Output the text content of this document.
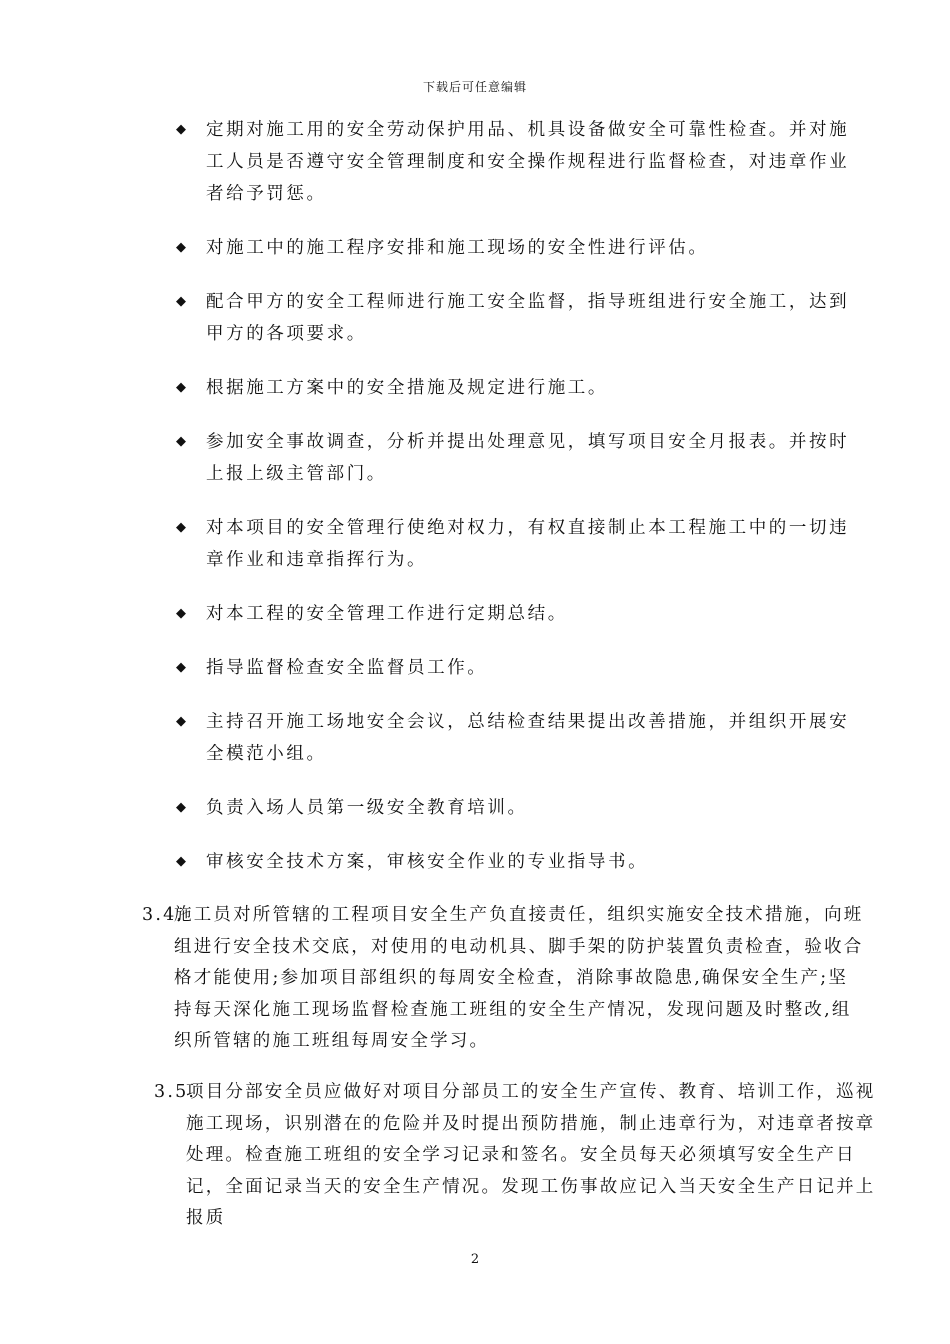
下载后可任意编辑
◆ 定期对施工用的安全劳动保护用品、机具设备做安全可靠性检查。并对施工人员是否遵守安全管理制度和安全操作规程进行监督检查，对违章作业者给予罚惩。
◆ 对施工中的施工程序安排和施工现场的安全性进行评估。
◆ 配合甲方的安全工程师进行施工安全监督，指导班组进行安全施工，达到甲方的各项要求。
◆ 根据施工方案中的安全措施及规定进行施工。
◆ 参加安全事故调查，分析并提出处理意见，填写项目安全月报表。并按时上报上级主管部门。
◆ 对本项目的安全管理行使绝对权力，有权直接制止本工程施工中的一切违章作业和违章指挥行为。
◆ 对本工程的安全管理工作进行定期总结。
◆ 指导监督检查安全监督员工作。
◆ 主持召开施工场地安全会议，总结检查结果提出改善措施，并组织开展安全模范小组。
◆ 负责入场人员第一级安全教育培训。
◆ 审核安全技术方案，审核安全作业的专业指导书。
3.4.
施工员对所管辖的工程项目安全生产负直接责任，组织实施安全技术措施，向班组进行安全技术交底，对使用的电动机具、脚手架的防护装置负责检查，验收合格才能使用;参加项目部组织的每周安全检查，消除事故隐患,确保安全生产;坚持每天深化施工现场监督检查施工班组的安全生产情况，发现问题及时整改,组织所管辖的施工班组每周安全学习。
3.5.
项目分部安全员应做好对项目分部员工的安全生产宣传、教育、培训工作，巡视施工现场，识别潜在的危险并及时提出预防措施，制止违章行为，对违章者按章处理。检查施工班组的安全学习记录和签名。安全员每天必须填写安全生产日记，全面记录当天的安全生产情况。发现工伤事故应记入当天安全生产日记并上报质
2
